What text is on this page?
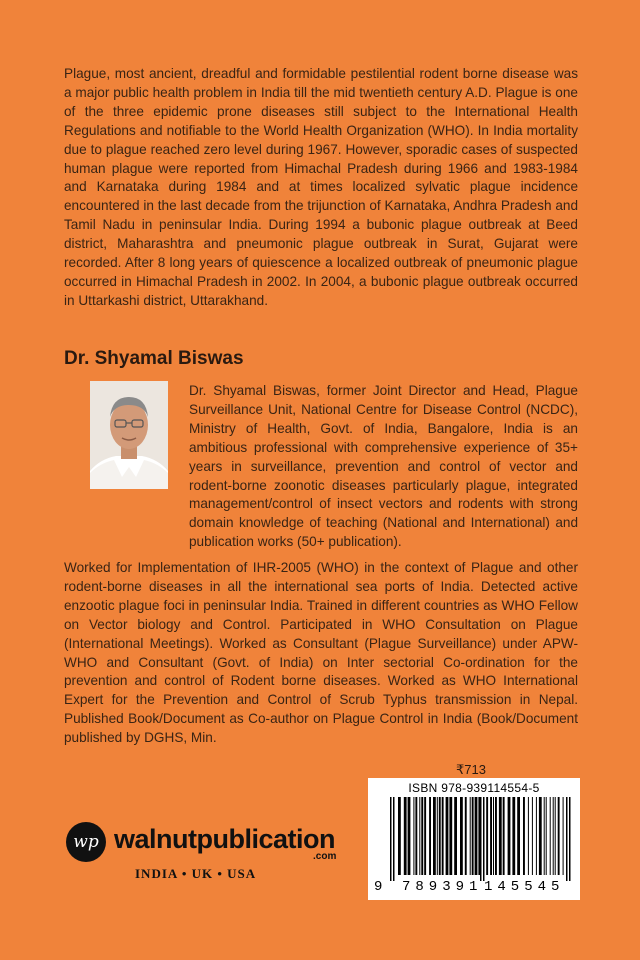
Plague, most ancient, dreadful and formidable pestilential rodent borne disease was a major public health problem in India till the mid twentieth century A.D. Plague is one of the three epidemic prone diseases still subject to the International Health Regulations and notifiable to the World Health Organization (WHO). In India mortality due to plague reached zero level during 1967. However, sporadic cases of suspected human plague were reported from Himachal Pradesh during 1966 and 1983-1984 and Karnataka during 1984 and at times localized sylvatic plague incidence encountered in the last decade from the trijunction of Karnataka, Andhra Pradesh and Tamil Nadu in peninsular India. During 1994 a bubonic plague outbreak at Beed district, Maharashtra and pneumonic plague outbreak in Surat, Gujarat were recorded. After 8 long years of quiescence a localized outbreak of pneumonic plague occurred in Himachal Pradesh in 2002. In 2004, a bubonic plague outbreak occurred in Uttarkashi district, Uttarakhand.

Dr. Shyamal Biswas

Dr. Shyamal Biswas, former Joint Director and Head, Plague Surveillance Unit, National Centre for Disease Control (NCDC), Ministry of Health, Govt. of India, Bangalore, India is an ambitious professional with comprehensive experience of 35+ years in surveillance, prevention and control of vector and rodent-borne zoonotic diseases particularly plague, integrated management/control of insect vectors and rodents with strong domain knowledge of teaching (National and International) and publication works (50+ publication).

Worked for Implementation of IHR-2005 (WHO) in the context of Plague and other rodent-borne diseases in all the international sea ports of India. Detected active enzootic plague foci in peninsular India. Trained in different countries as WHO Fellow on Vector biology and Control. Participated in WHO Consultation on Plague (International Meetings). Worked as Consultant (Plague Surveillance) under APW-WHO and Consultant (Govt. of India) on Inter sectorial Co-ordination for the prevention and control of Rodent borne diseases. Worked as WHO International Expert for the Prevention and Control of Scrub Typhus transmission in Nepal. Published Book/Document as Co-author on Plague Control in India (Book/Document published by DGHS, Min.

₹713
ISBN 978-939114554-5
9 789391 145545
wp walnutpublication
.com
INDIA • UK • USA
